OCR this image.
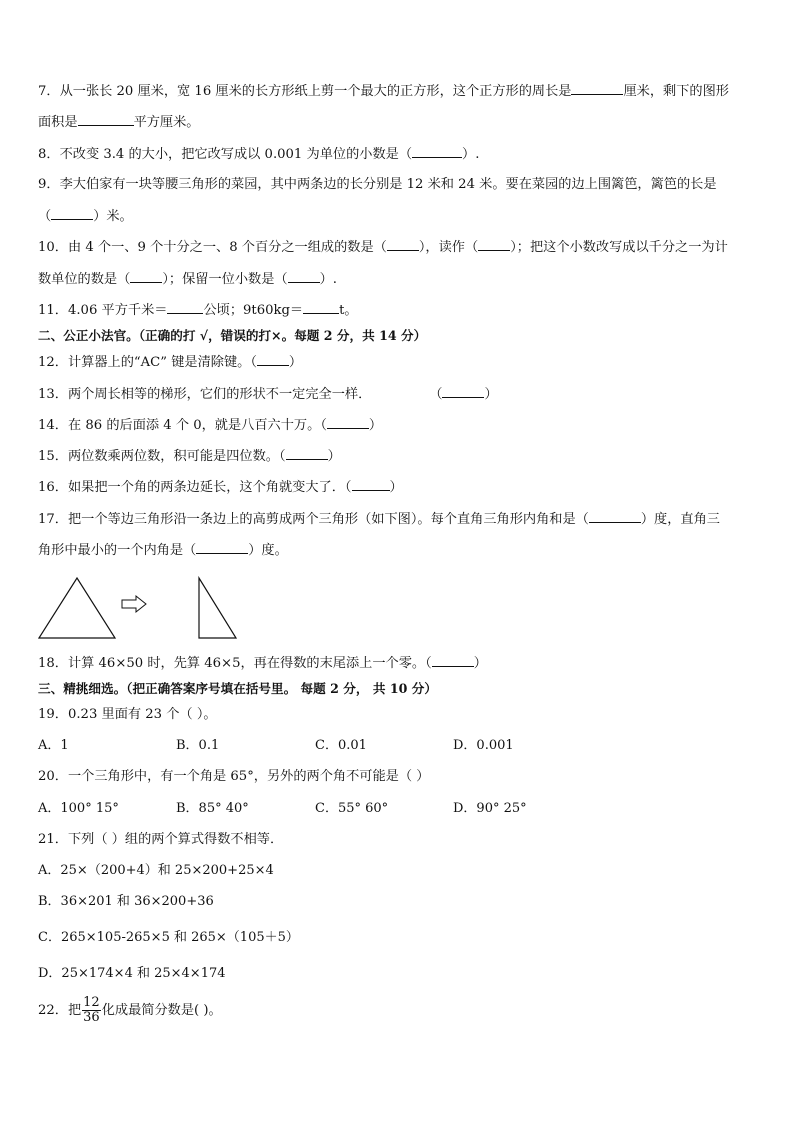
7．从一张长 20 厘米，宽 16 厘米的长方形纸上剪一个最大的正方形，这个正方形的周长是	厘米，剩下的图形
面积是	平方厘米。
8．不改变 3.4 的大小，把它改写成以 0.001 为单位的小数是（	）.
9．李大伯家有一块等腰三角形的菜园，其中两条边的长分别是 12 米和 24 米。要在菜园的边上围篱笆，篱笆的长是
（	）米。
10．由 4 个一、9 个十分之一、8 个百分之一组成的数是（ ），读作（ ）；把这个小数改写成以千分之一为计
数单位的数是（ ）；保留一位小数是（ ）.
11．4.06 平方千米＝	公顷；9t60kg＝	t。
二、公正小法官。（正确的打 √，错误的打×。每题 2 分，共 14 分）
12．计算器上的“AC” 键是清除键。（ ）
13．两个周长相等的梯形，它们的形状不一定完全一样．	（	）
14．在 86 的后面添 4 个 0，就是八百六十万。（	）
15．两位数乘两位数，积可能是四位数。（	）
16．如果把一个角的两条边延长，这个角就变大了．（	）
17．把一个等边三角形沿一条边上的高剪成两个三角形（如下图）。每个直角三角形内角和是（	）度，直角三
角形中最小的一个内角是（	）度。
18．计算 46×50 时，先算 46×5，再在得数的末尾添上一个零。（	）
三、精挑细选。（把正确答案序号填在括号里。 每题 2 分， 共 10 分）
19．0.23 里面有 23 个（ ）。
A．1	B．0.1	C．0.01	D．0.001
20．一个三角形中，有一个角是 65°，另外的两个角不可能是（ ）
A．100° 15°	B．85° 40°	C．55° 60°	D．90° 25°
21．下列（ ）组的两个算式得数不相等．
A．25×（200+4）和 25×200+25×4
B．36×201 和 36×200+36
C．265×105-265×5 和 265×（105＋5）
D．25×174×4 和 25×4×174
22．把 $\frac{12}{36}$ 化成最简分数是( )。
